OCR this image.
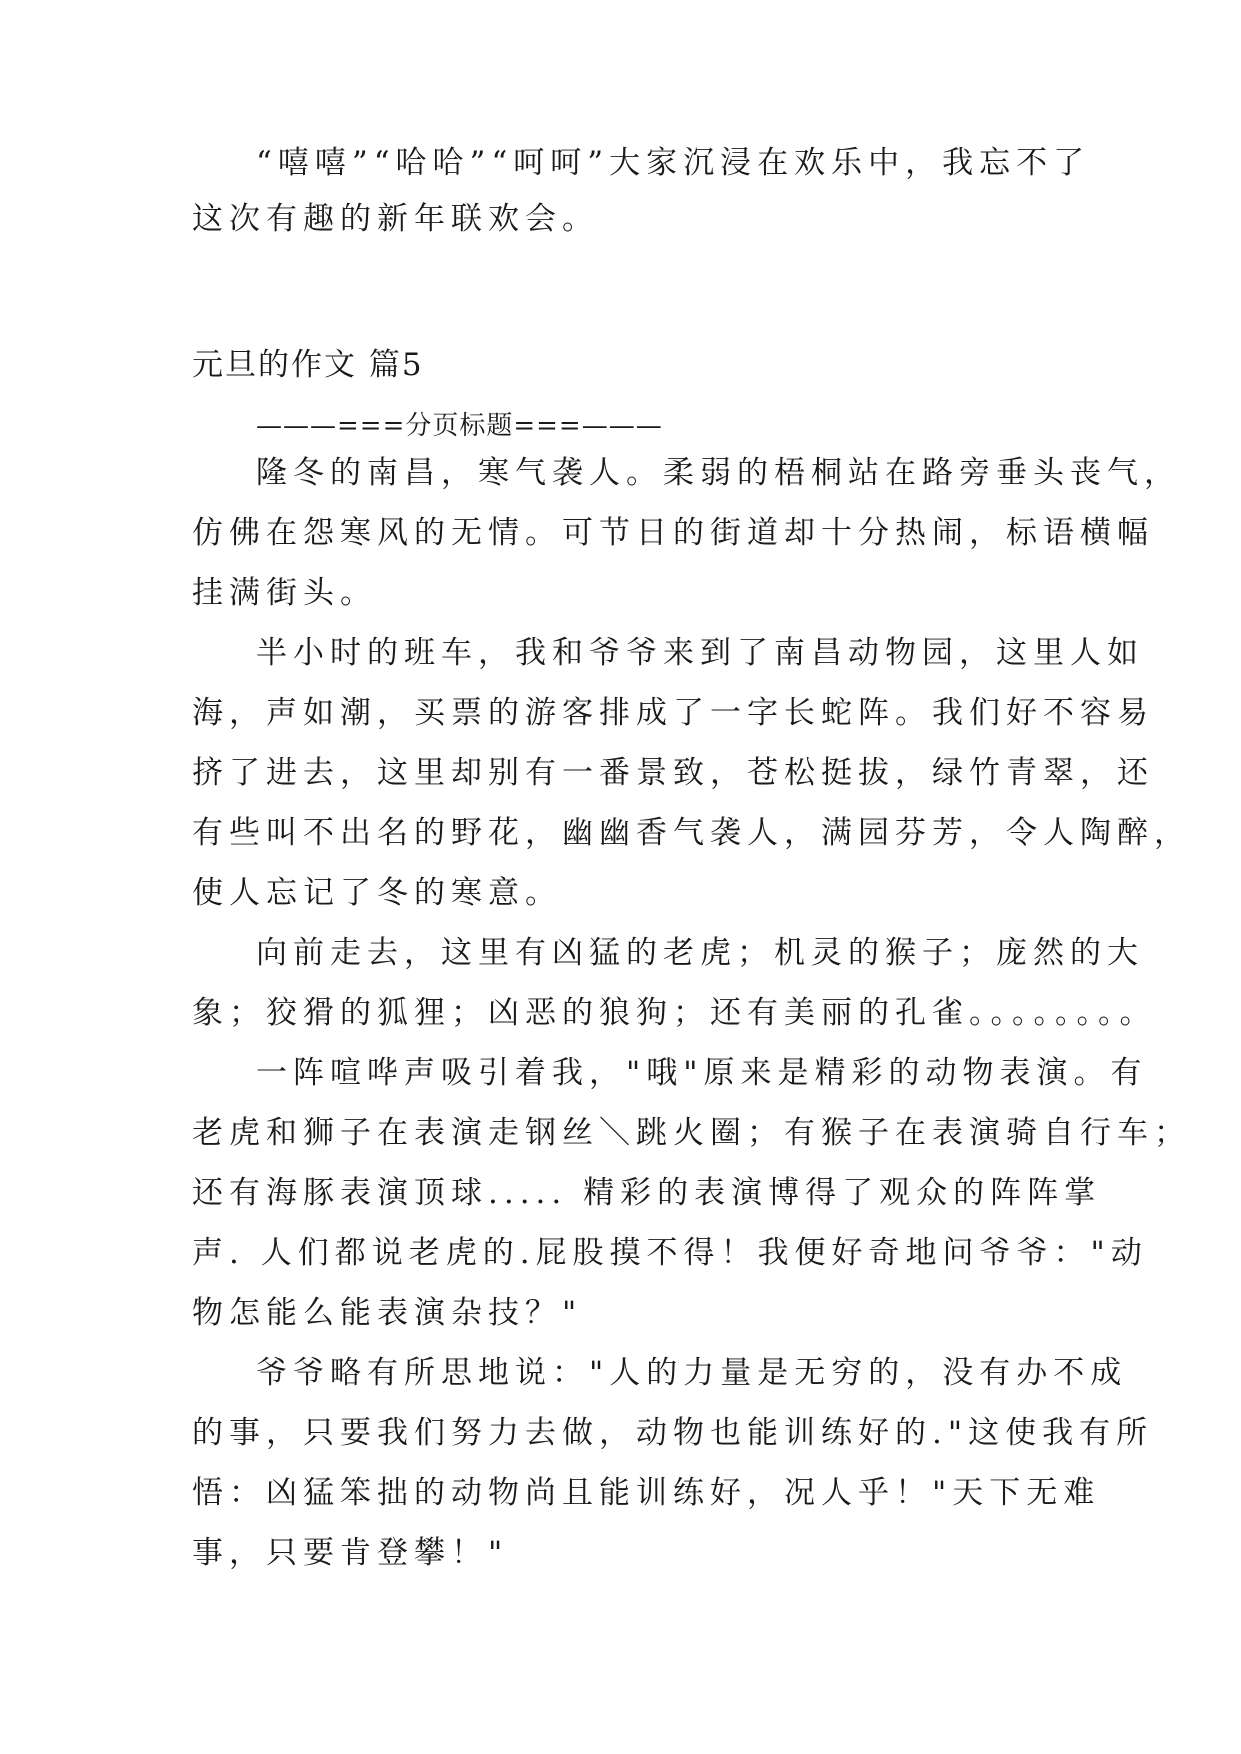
“嘻嘻”“哈哈”“呵呵”大家沉浸在欢乐中，我忘不了
这次有趣的新年联欢会。
元旦的作文 篇5
———===分页标题===———
隆冬的南昌，寒气袭人。柔弱的梧桐站在路旁垂头丧气，
仿佛在怨寒风的无情。可节日的街道却十分热闹，标语横幅
挂满街头。
半小时的班车，我和爷爷来到了南昌动物园，这里人如
海，声如潮，买票的游客排成了一字长蛇阵。我们好不容易
挤了进去，这里却别有一番景致，苍松挺拔，绿竹青翠，还
有些叫不出名的野花，幽幽香气袭人，满园芬芳，令人陶醉，
使人忘记了冬的寒意。
向前走去，这里有凶猛的老虎；机灵的猴子；庞然的大
象；狡猾的狐狸；凶恶的狼狗；还有美丽的孔雀。。。。。。。。
一阵喧哗声吸引着我，"哦"原来是精彩的动物表演。有
老虎和狮子在表演走钢丝＼跳火圈；有猴子在表演骑自行车；
还有海豚表演顶球..... 精彩的表演博得了观众的阵阵掌
声. 人们都说老虎的.屁股摸不得！我便好奇地问爷爷："动
物怎能么能表演杂技？"
爷爷略有所思地说："人的力量是无穷的，没有办不成
的事，只要我们努力去做，动物也能训练好的."这使我有所
悟：凶猛笨拙的动物尚且能训练好，况人乎！"天下无难
事，只要肯登攀！"
